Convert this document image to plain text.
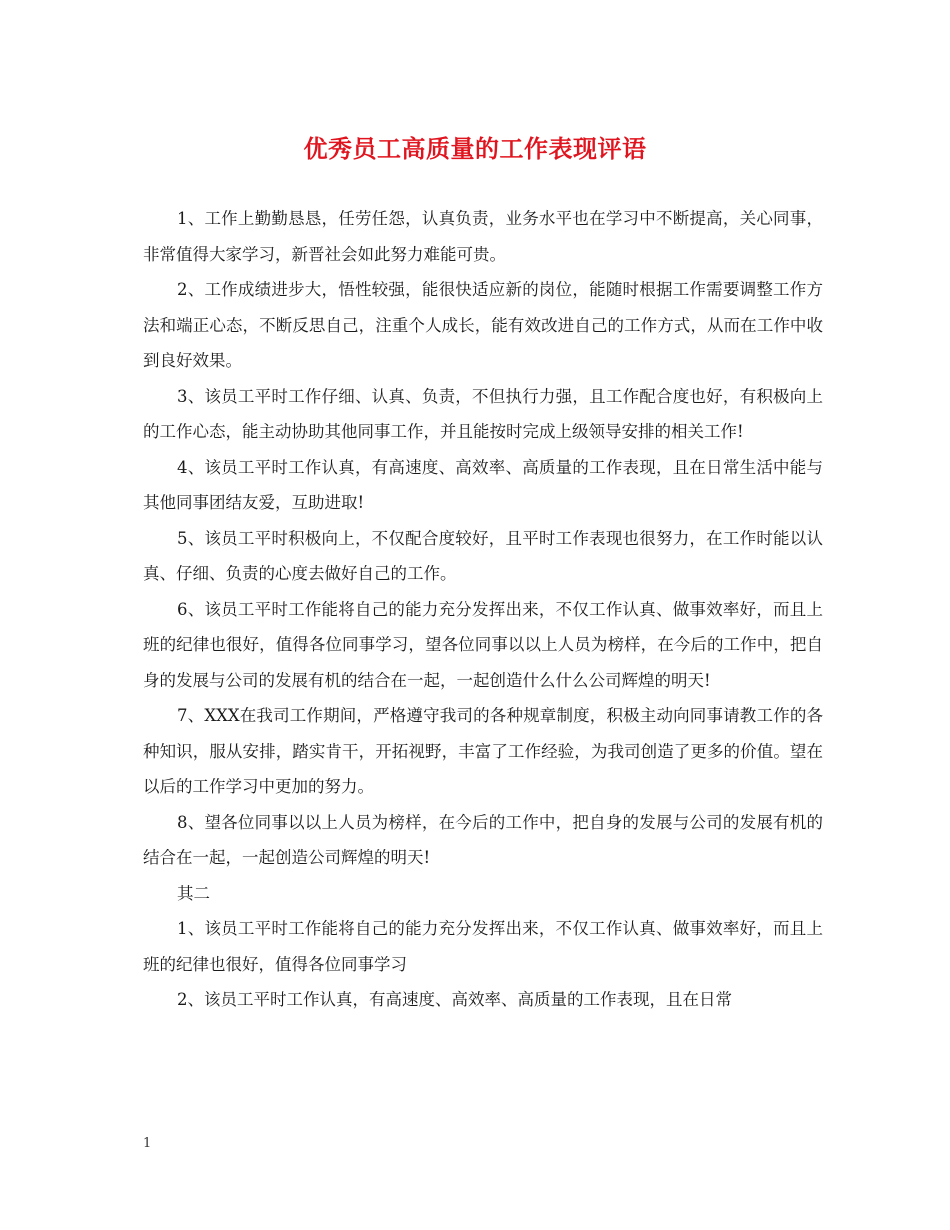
优秀员工高质量的工作表现评语

1、工作上勤勤恳恳，任劳任怨，认真负责，业务水平也在学习中不断提高，关心同事，非常值得大家学习，新晋社会如此努力难能可贵。

2、工作成绩进步大，悟性较强，能很快适应新的岗位，能随时根据工作需要调整工作方法和端正心态，不断反思自己，注重个人成长，能有效改进自己的工作方式，从而在工作中收到良好效果。

3、该员工平时工作仔细、认真、负责，不但执行力强，且工作配合度也好，有积极向上的工作心态，能主动协助其他同事工作，并且能按时完成上级领导安排的相关工作!

4、该员工平时工作认真，有高速度、高效率、高质量的工作表现，且在日常生活中能与其他同事团结友爱，互助进取!

5、该员工平时积极向上，不仅配合度较好，且平时工作表现也很努力，在工作时能以认真、仔细、负责的心度去做好自己的工作。

6、该员工平时工作能将自己的能力充分发挥出来，不仅工作认真、做事效率好，而且上班的纪律也很好，值得各位同事学习，望各位同事以以上人员为榜样，在今后的工作中，把自身的发展与公司的发展有机的结合在一起，一起创造什么什么公司辉煌的明天!

7、XXX在我司工作期间，严格遵守我司的各种规章制度，积极主动向同事请教工作的各种知识，服从安排，踏实肯干，开拓视野，丰富了工作经验，为我司创造了更多的价值。望在以后的工作学习中更加的努力。

8、望各位同事以以上人员为榜样，在今后的工作中，把自身的发展与公司的发展有机的结合在一起，一起创造公司辉煌的明天!

其二

1、该员工平时工作能将自己的能力充分发挥出来，不仅工作认真、做事效率好，而且上班的纪律也很好，值得各位同事学习

2、该员工平时工作认真，有高速度、高效率、高质量的工作表现，且在日常

1
